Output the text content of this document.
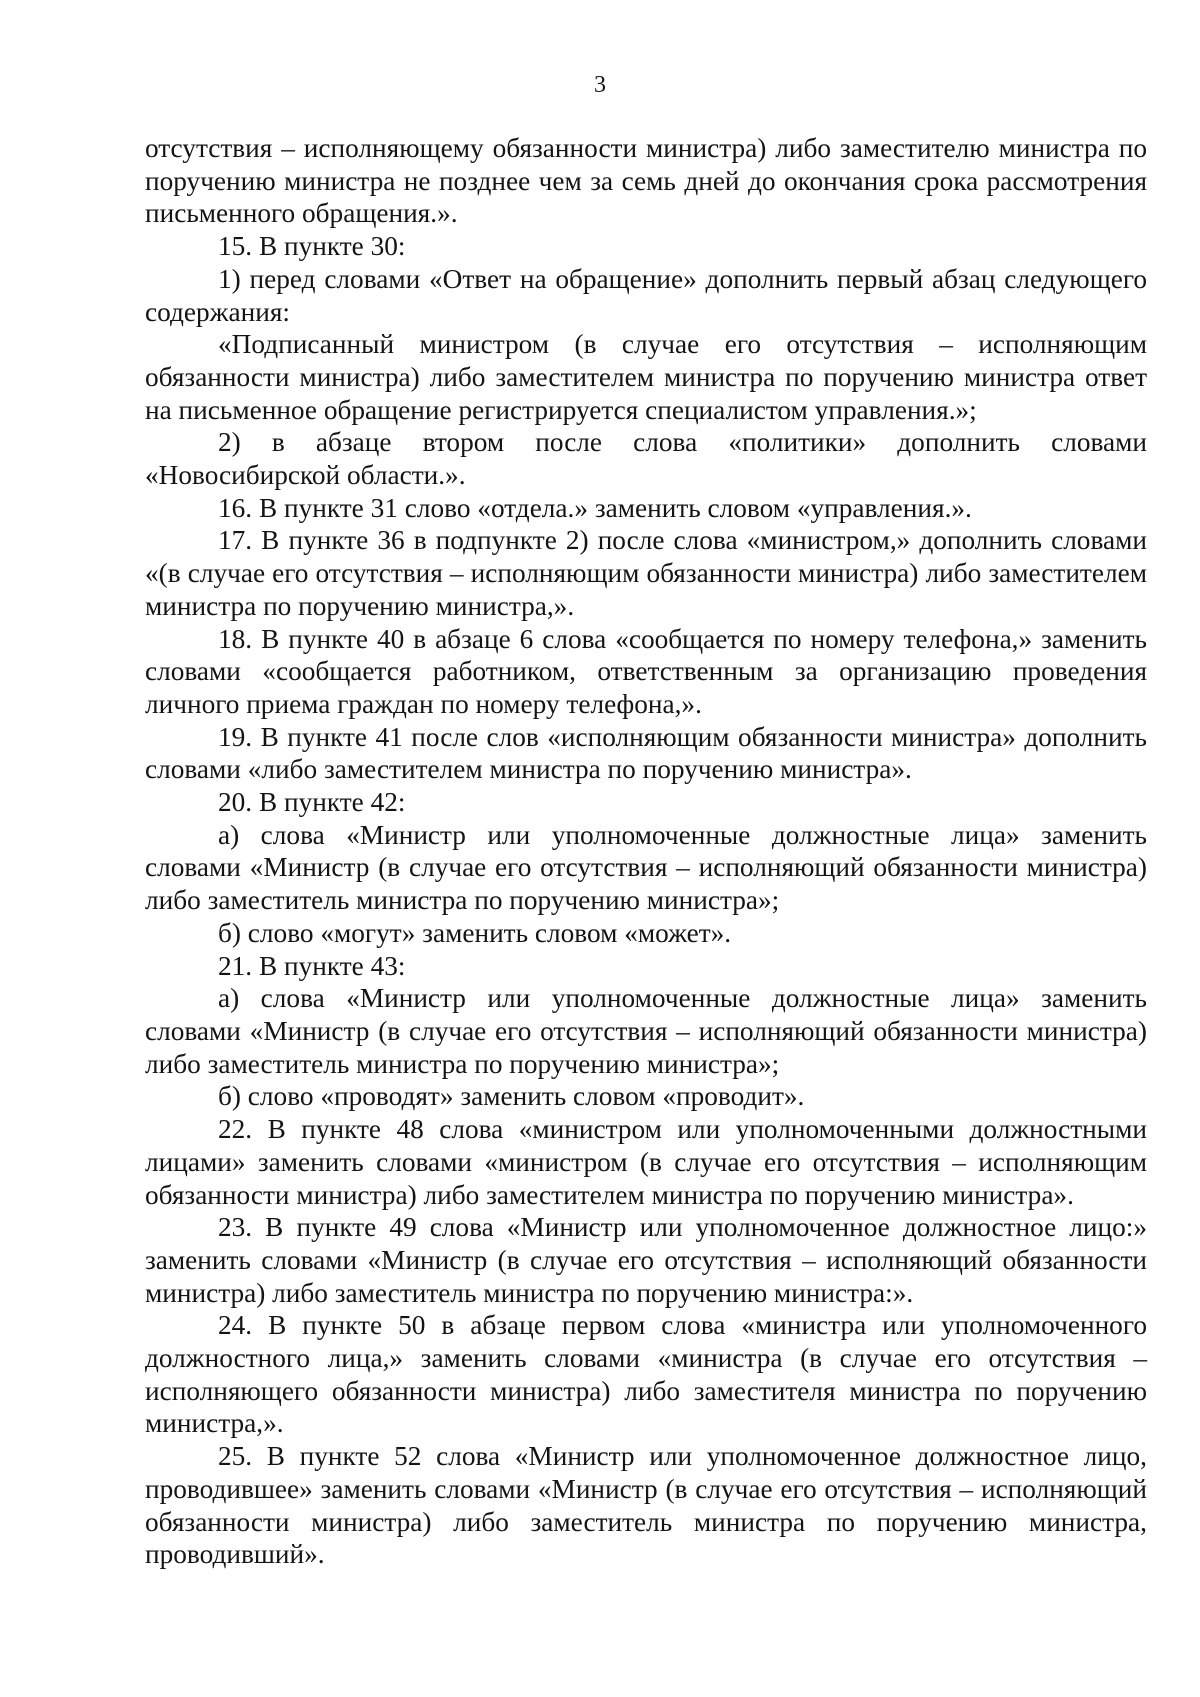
3

отсутствия – исполняющему обязанности министра) либо заместителю министра по поручению министра не позднее чем за семь дней до окончания срока рассмотрения письменного обращения.».

15. В пункте 30:

1) перед словами «Ответ на обращение» дополнить первый абзац следующего содержания:

«Подписанный министром (в случае его отсутствия – исполняющим обязанности министра) либо заместителем министра по поручению министра ответ на письменное обращение регистрируется специалистом управления.»;

2) в абзаце втором после слова «политики» дополнить словами «Новосибирской области.».

16. В пункте 31 слово «отдела.» заменить словом «управления.».

17. В пункте 36 в подпункте 2) после слова «министром,» дополнить словами «(в случае его отсутствия – исполняющим обязанности министра) либо заместителем министра по поручению министра,».

18. В пункте 40 в абзаце 6 слова «сообщается по номеру телефона,» заменить словами «сообщается работником, ответственным за организацию проведения личного приема граждан по номеру телефона,».

19. В пункте 41 после слов «исполняющим обязанности министра» дополнить словами «либо заместителем министра по поручению министра».

20. В пункте 42:

а) слова «Министр или уполномоченные должностные лица» заменить словами «Министр (в случае его отсутствия – исполняющий обязанности министра) либо заместитель министра по поручению министра»;

б) слово «могут» заменить словом «может».

21. В пункте 43:

а) слова «Министр или уполномоченные должностные лица» заменить словами «Министр (в случае его отсутствия – исполняющий обязанности министра) либо заместитель министра по поручению министра»;

б) слово «проводят» заменить словом «проводит».

22. В пункте 48 слова «министром или уполномоченными должностными лицами» заменить словами «министром (в случае его отсутствия – исполняющим обязанности министра) либо заместителем министра по поручению министра».

23. В пункте 49 слова «Министр или уполномоченное должностное лицо:» заменить словами «Министр (в случае его отсутствия – исполняющий обязанности министра) либо заместитель министра по поручению министра:».

24. В пункте 50 в абзаце первом слова «министра или уполномоченного должностного лица,» заменить словами «министра (в случае его отсутствия – исполняющего обязанности министра) либо заместителя министра по поручению министра,».

25. В пункте 52 слова «Министр или уполномоченное должностное лицо, проводившее» заменить словами «Министр (в случае его отсутствия – исполняющий обязанности министра) либо заместитель министра по поручению министра, проводивший».
